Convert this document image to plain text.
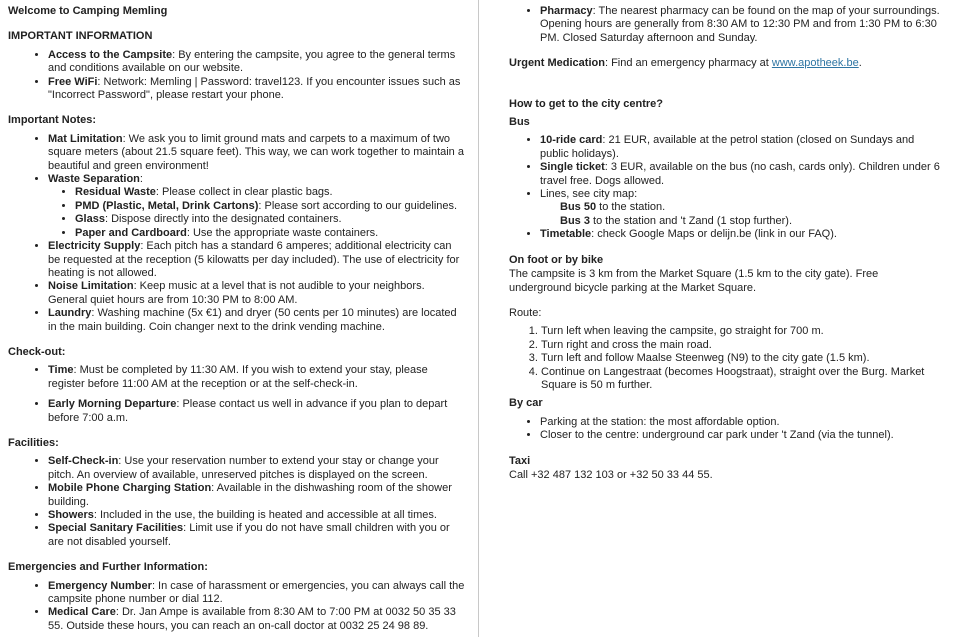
Welcome to Camping Memling

IMPORTANT INFORMATION

• Access to the Campsite: By entering the campsite, you agree to the general terms and conditions available on our website.
• Free WiFi: Network: Memling | Password: travel123. If you encounter issues such as "Incorrect Password", please restart your phone.

Important Notes:

• Mat Limitation: We ask you to limit ground mats and carpets to a maximum of two square meters (about 21.5 square feet). This way, we can work together to maintain a beautiful and green environment!
• Waste Separation:
• Residual Waste: Please collect in clear plastic bags.
• PMD (Plastic, Metal, Drink Cartons): Please sort according to our guidelines.
• Glass: Dispose directly into the designated containers.
• Paper and Cardboard: Use the appropriate waste containers.
• Electricity Supply: Each pitch has a standard 6 amperes; additional electricity can be requested at the reception (5 kilowatts per day included). The use of electricity for heating is not allowed.
• Noise Limitation: Keep music at a level that is not audible to your neighbors. General quiet hours are from 10:30 PM to 8:00 AM.
• Laundry: Washing machine (5x €1) and dryer (50 cents per 10 minutes) are located in the main building. Coin changer next to the drink vending machine.

Check-out:

• Time: Must be completed by 11:30 AM. If you wish to extend your stay, please register before 11:00 AM at the reception or at the self-check-in.
• Early Morning Departure: Please contact us well in advance if you plan to depart before 7:00 a.m.

Facilities:

• Self-Check-in: Use your reservation number to extend your stay or change your pitch. An overview of available, unreserved pitches is displayed on the screen.
• Mobile Phone Charging Station: Available in the dishwashing room of the shower building.
• Showers: Included in the use, the building is heated and accessible at all times.
• Special Sanitary Facilities: Limit use if you do not have small children with you or are not disabled yourself.

Emergencies and Further Information:

• Emergency Number: In case of harassment or emergencies, you can always call the campsite phone number or dial 112.
• Medical Care: Dr. Jan Ampe is available from 8:30 AM to 7:00 PM at 0032 50 35 33 55. Outside these hours, you can reach an on-call doctor at 0032 25 24 98 89.
• Pharmacy: The nearest pharmacy can be found on the map of your surroundings. Opening hours are generally from 8:30 AM to 12:30 PM and from 1:30 PM to 6:30 PM. Closed Saturday afternoon and Sunday.

Urgent Medication: Find an emergency pharmacy at www.apotheek.be.

How to get to the city centre?

Bus

• 10-ride card: 21 EUR, available at the petrol station (closed on Sundays and public holidays).
• Single ticket: 3 EUR, available on the bus (no cash, cards only). Children under 6 travel free. Dogs allowed.
• Lines, see city map:
Bus 50 to the station.
Bus 3 to the station and 't Zand (1 stop further).
• Timetable: check Google Maps or delijn.be (link in our FAQ).

On foot or by bike

The campsite is 3 km from the Market Square (1.5 km to the city gate). Free underground bicycle parking at the Market Square.

Route:

1. Turn left when leaving the campsite, go straight for 700 m.
2. Turn right and cross the main road.
3. Turn left and follow Maalse Steenweg (N9) to the city gate (1.5 km).
4. Continue on Langestraat (becomes Hoogstraat), straight over the Burg. Market Square is 50 m further.

By car

• Parking at the station: the most affordable option.
• Closer to the centre: underground car park under 't Zand (via the tunnel).

Taxi

Call +32 487 132 103 or +32 50 33 44 55.
